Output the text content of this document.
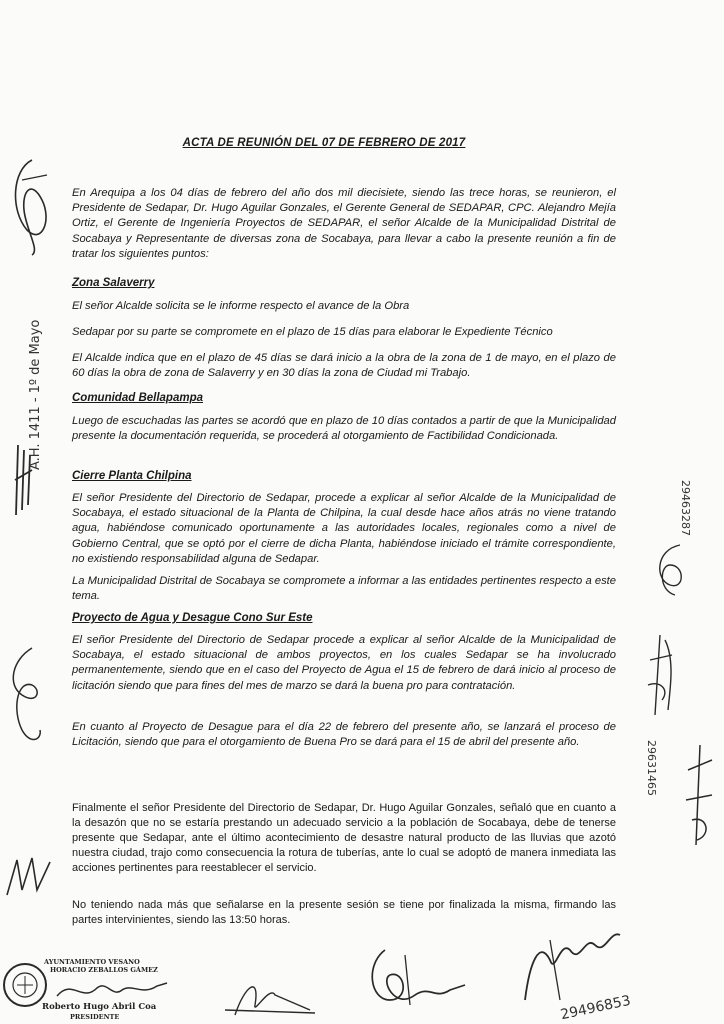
ACTA DE REUNIÓN DEL 07 DE FEBRERO DE 2017

En Arequipa a los 04 días de febrero del año dos mil diecisiete, siendo las trece horas, se reunieron, el Presidente de Sedapar, Dr. Hugo Aguilar Gonzales, el Gerente General de SEDAPAR, CPC. Alejandro Mejía Ortiz, el Gerente de Ingeniería Proyectos de SEDAPAR, el señor Alcalde de la Municipalidad Distrital de Socabaya y Representante de diversas zona de Socabaya, para llevar a cabo la presente reunión a fin de tratar los siguientes puntos:

Zona Salaverry

El señor Alcalde solicita se le informe respecto el avance de la Obra

Sedapar por su parte se compromete en el plazo de 15 días para elaborar le Expediente Técnico

El Alcalde indica que en el plazo de 45 días se dará inicio a la obra de la zona de 1 de mayo, en el plazo de 60 días la obra de zona de Salaverry y en 30 días la zona de Ciudad mi Trabajo.

Comunidad Bellapampa

Luego de escuchadas las partes se acordó que en plazo de 10 días contados a partir de que la Municipalidad presente la documentación requerida, se procederá al otorgamiento de Factibilidad Condicionada.

Cierre Planta Chilpina

El señor Presidente del Directorio de Sedapar, procede a explicar al señor Alcalde de la Municipalidad de Socabaya, el estado situacional de la Planta de Chilpina, la cual desde hace años atrás no viene tratando agua, habiéndose comunicado oportunamente a las autoridades locales, regionales como a nivel de Gobierno Central, que se optó por el cierre de dicha Planta, habiéndose iniciado el trámite correspondiente, no existiendo responsabilidad alguna de Sedapar.

La Municipalidad Distrital de Socabaya se compromete a informar a las entidades pertinentes respecto a este tema.

Proyecto de Agua y Desague Cono Sur Este

El señor Presidente del Directorio de Sedapar procede a explicar al señor Alcalde de la Municipalidad de Socabaya, el estado situacional de ambos proyectos, en los cuales Sedapar se ha involucrado permanentemente, siendo que en el caso del Proyecto de Agua el 15 de febrero de dará inicio al proceso de licitación siendo que para fines del mes de marzo se dará la buena pro para contratación.

En cuanto al Proyecto de Desague para el día 22 de febrero del presente año, se lanzará el proceso de Licitación, siendo que para el otorgamiento de Buena Pro se dará para el 15 de abril del presente año.

Finalmente el señor Presidente del Directorio de Sedapar, Dr. Hugo Aguilar Gonzales, señaló que en cuanto a la desazón que no se estaría prestando un adecuado servicio a la población de Socabaya, debe de tenerse presente que Sedapar, ante el último acontecimiento de desastre natural producto de las lluvias que azotó nuestra ciudad, trajo como consecuencia la rotura de tuberías, ante lo cual se adoptó de manera inmediata las acciones pertinentes para reestablecer el servicio.

No teniendo nada más que señalarse en la presente sesión se tiene por finalizada la misma, firmando las partes intervinientes, siendo las 13:50 horas.

A.H. 1411 - 1º de Mayo
29463287
29631465
AYUNTAMIENTO VESANO
HORACIO ZEBALLOS GÁMEZ
Roberto Hugo Abril Coa
PRESIDENTE	29496853
